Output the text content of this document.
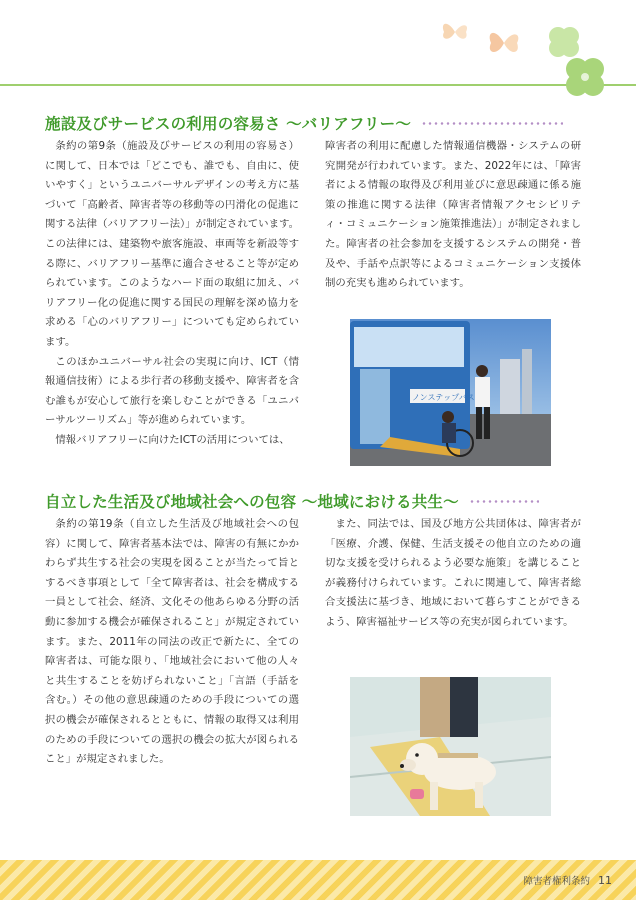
施設及びサービスの利用の容易さ ～バリアフリー～

条約の第9条（施設及びサービスの利用の容易さ）に関して、日本では「どこでも、誰でも、自由に、使いやすく」というユニバーサルデザインの考え方に基づいて「高齢者、障害者等の移動等の円滑化の促進に関する法律（バリアフリー法）」が制定されています。この法律には、建築物や旅客施設、車両等を新設等する際に、バリアフリー基準に適合させること等が定められています。このようなハード面の取組に加え、バリアフリー化の促進に関する国民の理解を深め協力を求める「心のバリアフリー」についても定められています。

このほかユニバーサル社会の実現に向け、ICT（情報通信技術）による歩行者の移動支援や、障害者を含む誰もが安心して旅行を楽しむことができる「ユニバーサルツーリズム」等が進められています。

情報バリアフリーに向けたICTの活用については、

障害者の利用に配慮した情報通信機器・システムの研究開発が行われています。また、2022年には、「障害者による情報の取得及び利用並びに意思疎通に係る施策の推進に関する法律（障害者情報アクセシビリティ・コミュニケーション施策推進法）」が制定されました。障害者の社会参加を支援するシステムの開発・普及や、手話や点訳等によるコミュニケーション支援体制の充実も進められています。

ノンステップバス
自立した生活及び地域社会への包容 ～地域における共生～

条約の第19条（自立した生活及び地域社会への包容）に関して、障害者基本法では、障害の有無にかかわらず共生する社会の実現を図ることが当たって旨とするべき事項として「全て障害者は、社会を構成する一員として社会、経済、文化その他あらゆる分野の活動に参加する機会が確保されること」が規定されています。また、2011年の同法の改正で新たに、全ての障害者は、可能な限り、「地域社会において他の人々と共生することを妨げられないこと」「言語（手話を含む。）その他の意思疎通のための手段についての選択の機会が確保されるとともに、情報の取得又は利用のための手段についての選択の機会の拡大が図られること」が規定されました。

また、同法では、国及び地方公共団体は、障害者が「医療、介護、保健、生活支援その他自立のための適切な支援を受けられるよう必要な施策」を講じることが義務付けられています。これに関連して、障害者総合支援法に基づき、地域において暮らすことができるよう、障害福祉サービス等の充実が図られています。

障害者権利条約 11
